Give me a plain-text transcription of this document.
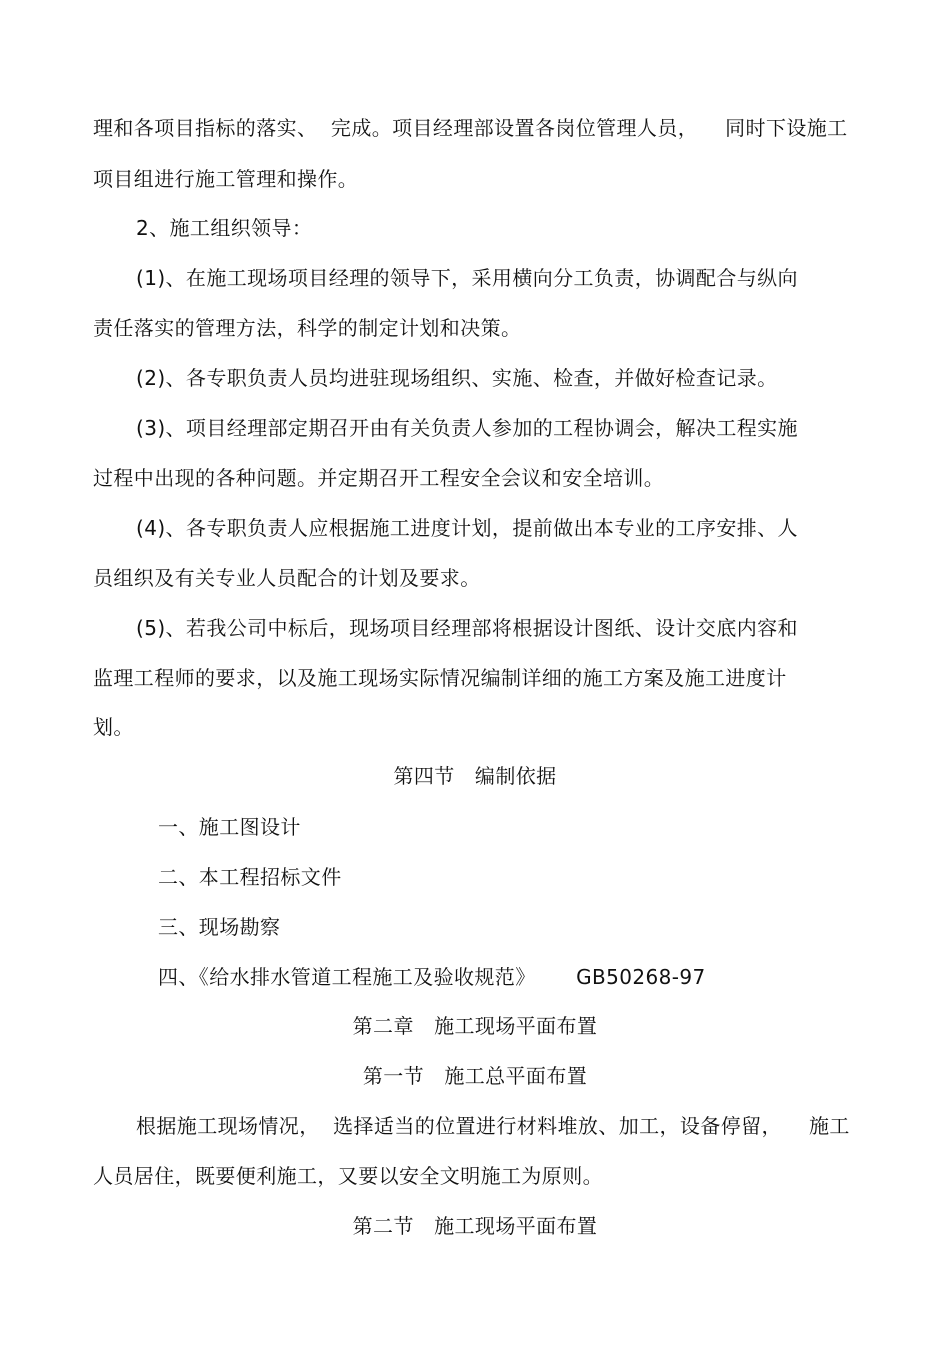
理和各项目指标的落实、  完成。项目经理部设置各岗位管理人员，    同时下设施工
项目组进行施工管理和操作。
2、施工组织领导：
(1)、在施工现场项目经理的领导下，采用横向分工负责，协调配合与纵向
责任落实的管理方法，科学的制定计划和决策。
(2)、各专职负责人员均进驻现场组织、实施、检查，并做好检查记录。
(3)、项目经理部定期召开由有关负责人参加的工程协调会，解决工程实施
过程中出现的各种问题。并定期召开工程安全会议和安全培训。
(4)、各专职负责人应根据施工进度计划，提前做出本专业的工序安排、人
员组织及有关专业人员配合的计划及要求。
(5)、若我公司中标后，现场项目经理部将根据设计图纸、设计交底内容和
监理工程师的要求，以及施工现场实际情况编制详细的施工方案及施工进度计
划。
第四节   编制依据
一、施工图设计
二、本工程招标文件
三、现场勘察
四、《给水排水管道工程施工及验收规范》      GB50268-97
第二章   施工现场平面布置
第一节   施工总平面布置
根据施工现场情况，  选择适当的位置进行材料堆放、加工，设备停留，    施工
人员居住，既要便利施工，又要以安全文明施工为原则。
第二节   施工现场平面布置
